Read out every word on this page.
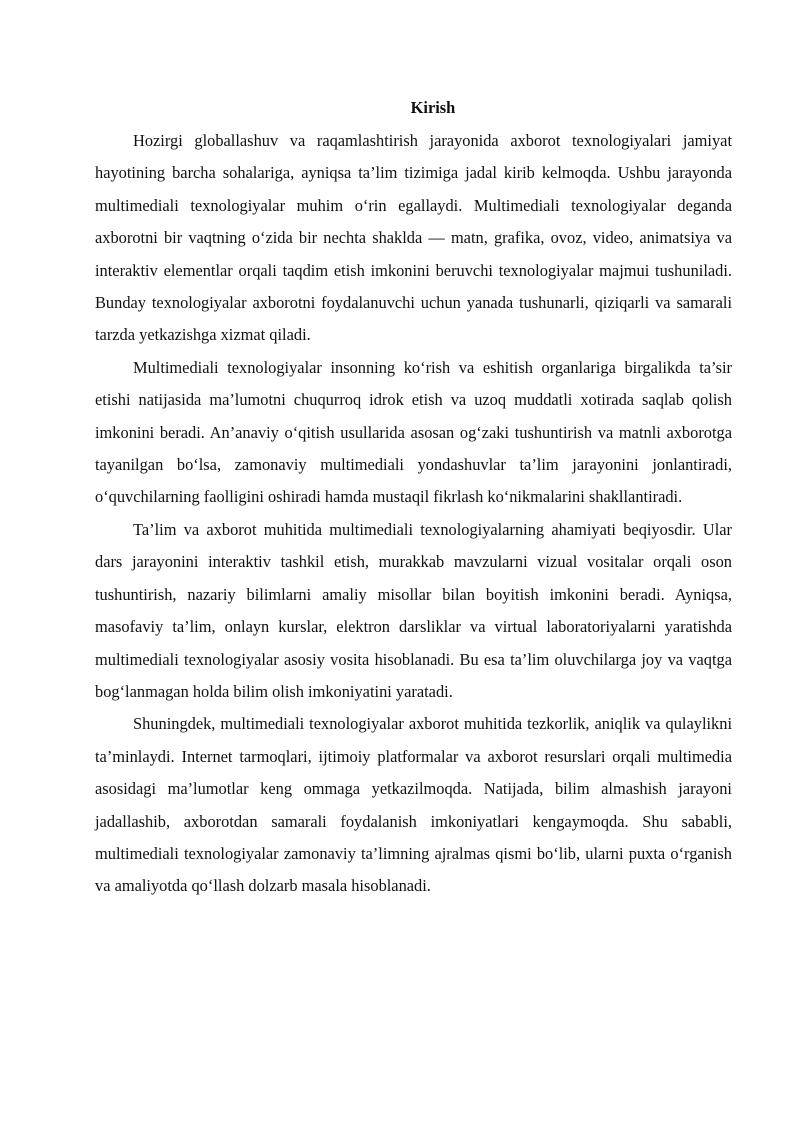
Kirish

Hozirgi globallashuv va raqamlashtirish jarayonida axborot texnologiyalari jamiyat hayotining barcha sohalariga, ayniqsa ta’lim tizimiga jadal kirib kelmoqda. Ushbu jarayonda multimediali texnologiyalar muhim o‘rin egallaydi. Multimediali texnologiyalar deganda axborotni bir vaqtning o‘zida bir nechta shaklda — matn, grafika, ovoz, video, animatsiya va interaktiv elementlar orqali taqdim etish imkonini beruvchi texnologiyalar majmui tushuniladi. Bunday texnologiyalar axborotni foydalanuvchi uchun yanada tushunarli, qiziqarli va samarali tarzda yetkazishga xizmat qiladi.

Multimediali texnologiyalar insonning ko‘rish va eshitish organlariga birgalikda ta’sir etishi natijasida ma’lumotni chuqurroq idrok etish va uzoq muddatli xotirada saqlab qolish imkonini beradi. An’anaviy o‘qitish usullarida asosan og‘zaki tushuntirish va matnli axborotga tayanilgan bo‘lsa, zamonaviy multimediali yondashuvlar ta’lim jarayonini jonlantiradi, o‘quvchilarning faolligini oshiradi hamda mustaqil fikrlash ko‘nikmalarini shakllantiradi.

Ta’lim va axborot muhitida multimediali texnologiyalarning ahamiyati beqiyosdir. Ular dars jarayonini interaktiv tashkil etish, murakkab mavzularni vizual vositalar orqali oson tushuntirish, nazariy bilimlarni amaliy misollar bilan boyitish imkonini beradi. Ayniqsa, masofaviy ta’lim, onlayn kurslar, elektron darsliklar va virtual laboratoriyalarni yaratishda multimediali texnologiyalar asosiy vosita hisoblanadi. Bu esa ta’lim oluvchilarga joy va vaqtga bog‘lanmagan holda bilim olish imkoniyatini yaratadi.

Shuningdek, multimediali texnologiyalar axborot muhitida tezkorlik, aniqlik va qulaylikni ta’minlaydi. Internet tarmoqlari, ijtimoiy platformalar va axborot resurslari orqali multimedia asosidagi ma’lumotlar keng ommaga yetkazilmoqda. Natijada, bilim almashish jarayoni jadallashib, axborotdan samarali foydalanish imkoniyatlari kengaymoqda. Shu sababli, multimediali texnologiyalar zamonaviy ta’limning ajralmas qismi bo‘lib, ularni puxta o‘rganish va amaliyotda qo‘llash dolzarb masala hisoblanadi.
